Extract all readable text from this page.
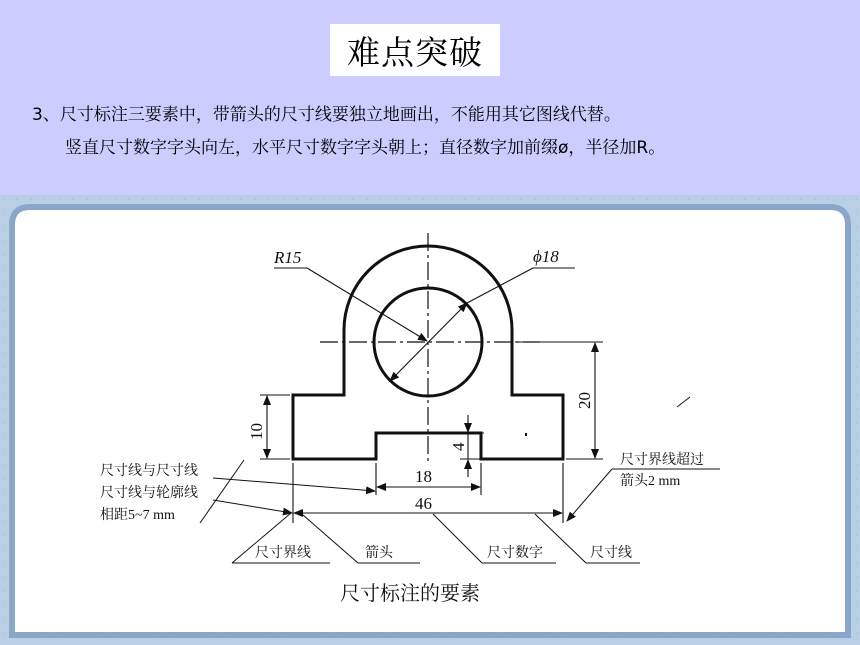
难点突破
3、尺寸标注三要素中，带箭头的尺寸线要独立地画出，不能用其它图线代替。
竖直尺寸数字字头向左，水平尺寸数字字头朝上；直径数字加前缀ø，半径加R。
R15	ϕ18
20
10
4
18
46
尺寸线与尺寸线
尺寸线与轮廓线
相距5~7 mm
尺寸界线超过
箭头2 mm
尺寸界线	箭头	尺寸数字	尺寸线
尺寸标注的要素
